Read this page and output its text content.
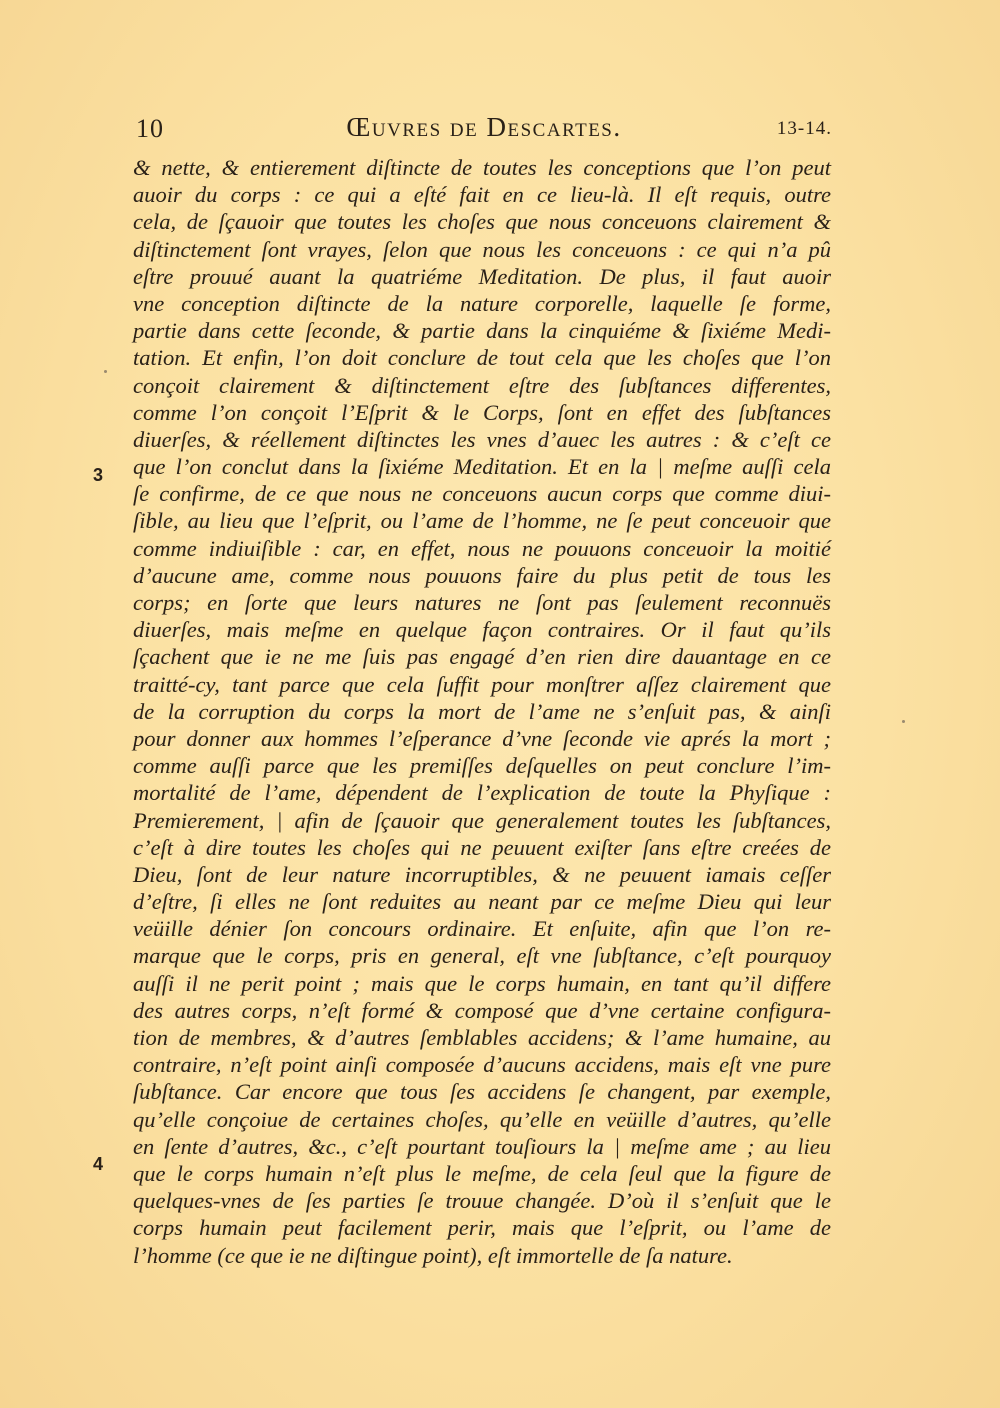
10	Œuvres de Descartes.	13-14.
3
4
& nette, & entierement diſtincte de toutes les conceptions que l’on peut
auoir du corps : ce qui a eſté fait en ce lieu-là. Il eſt requis, outre
cela, de ſçauoir que toutes les choſes que nous conceuons clairement &
diſtinctement ſont vrayes, ſelon que nous les conceuons : ce qui n’a pû
eſtre prouué auant la quatriéme Meditation. De plus, il faut auoir
vne conception diſtincte de la nature corporelle, laquelle ſe forme,
partie dans cette ſeconde, & partie dans la cinquiéme & ſixiéme Medi-
tation. Et enfin, l’on doit conclure de tout cela que les choſes que l’on
conçoit clairement & diſtinctement eſtre des ſubſtances differentes,
comme l’on conçoit l’Eſprit & le Corps, ſont en effet des ſubſtances
diuerſes, & réellement diſtinctes les vnes d’auec les autres : & c’eſt ce
que l’on conclut dans la ſixiéme Meditation. Et en la | meſme auſſi cela
ſe confirme, de ce que nous ne conceuons aucun corps que comme diui-
ſible, au lieu que l’eſprit, ou l’ame de l’homme, ne ſe peut conceuoir que
comme indiuiſible : car, en effet, nous ne pouuons conceuoir la moitié
d’aucune ame, comme nous pouuons faire du plus petit de tous les
corps; en ſorte que leurs natures ne ſont pas ſeulement reconnuës
diuerſes, mais meſme en quelque façon contraires. Or il faut qu’ils
ſçachent que ie ne me ſuis pas engagé d’en rien dire dauantage en ce
traitté-cy, tant parce que cela ſuffit pour monſtrer aſſez clairement que
de la corruption du corps la mort de l’ame ne s’enſuit pas, & ainſi
pour donner aux hommes l’eſperance d’vne ſeconde vie aprés la mort ;
comme auſſi parce que les premiſſes deſquelles on peut conclure l’im-
mortalité de l’ame, dépendent de l’explication de toute la Phyſique :
Premierement, | afin de ſçauoir que generalement toutes les ſubſtances,
c’eſt à dire toutes les choſes qui ne peuuent exiſter ſans eſtre creées de
Dieu, ſont de leur nature incorruptibles, & ne peuuent iamais ceſſer
d’eſtre, ſi elles ne ſont reduites au neant par ce meſme Dieu qui leur
veüille dénier ſon concours ordinaire. Et enſuite, afin que l’on re-
marque que le corps, pris en general, eſt vne ſubſtance, c’eſt pourquoy
auſſi il ne perit point ; mais que le corps humain, en tant qu’il differe
des autres corps, n’eſt formé & composé que d’vne certaine configura-
tion de membres, & d’autres ſemblables accidens; & l’ame humaine, au
contraire, n’eſt point ainſi composée d’aucuns accidens, mais eſt vne pure
ſubſtance. Car encore que tous ſes accidens ſe changent, par exemple,
qu’elle conçoiue de certaines choſes, qu’elle en veüille d’autres, qu’elle
en ſente d’autres, &c., c’eſt pourtant touſiours la | meſme ame ; au lieu
que le corps humain n’eſt plus le meſme, de cela ſeul que la figure de
quelques-vnes de ſes parties ſe trouue changée. D’où il s’enſuit que le
corps humain peut facilement perir, mais que l’eſprit, ou l’ame de
l’homme (ce que ie ne diſtingue point), eſt immortelle de ſa nature.
